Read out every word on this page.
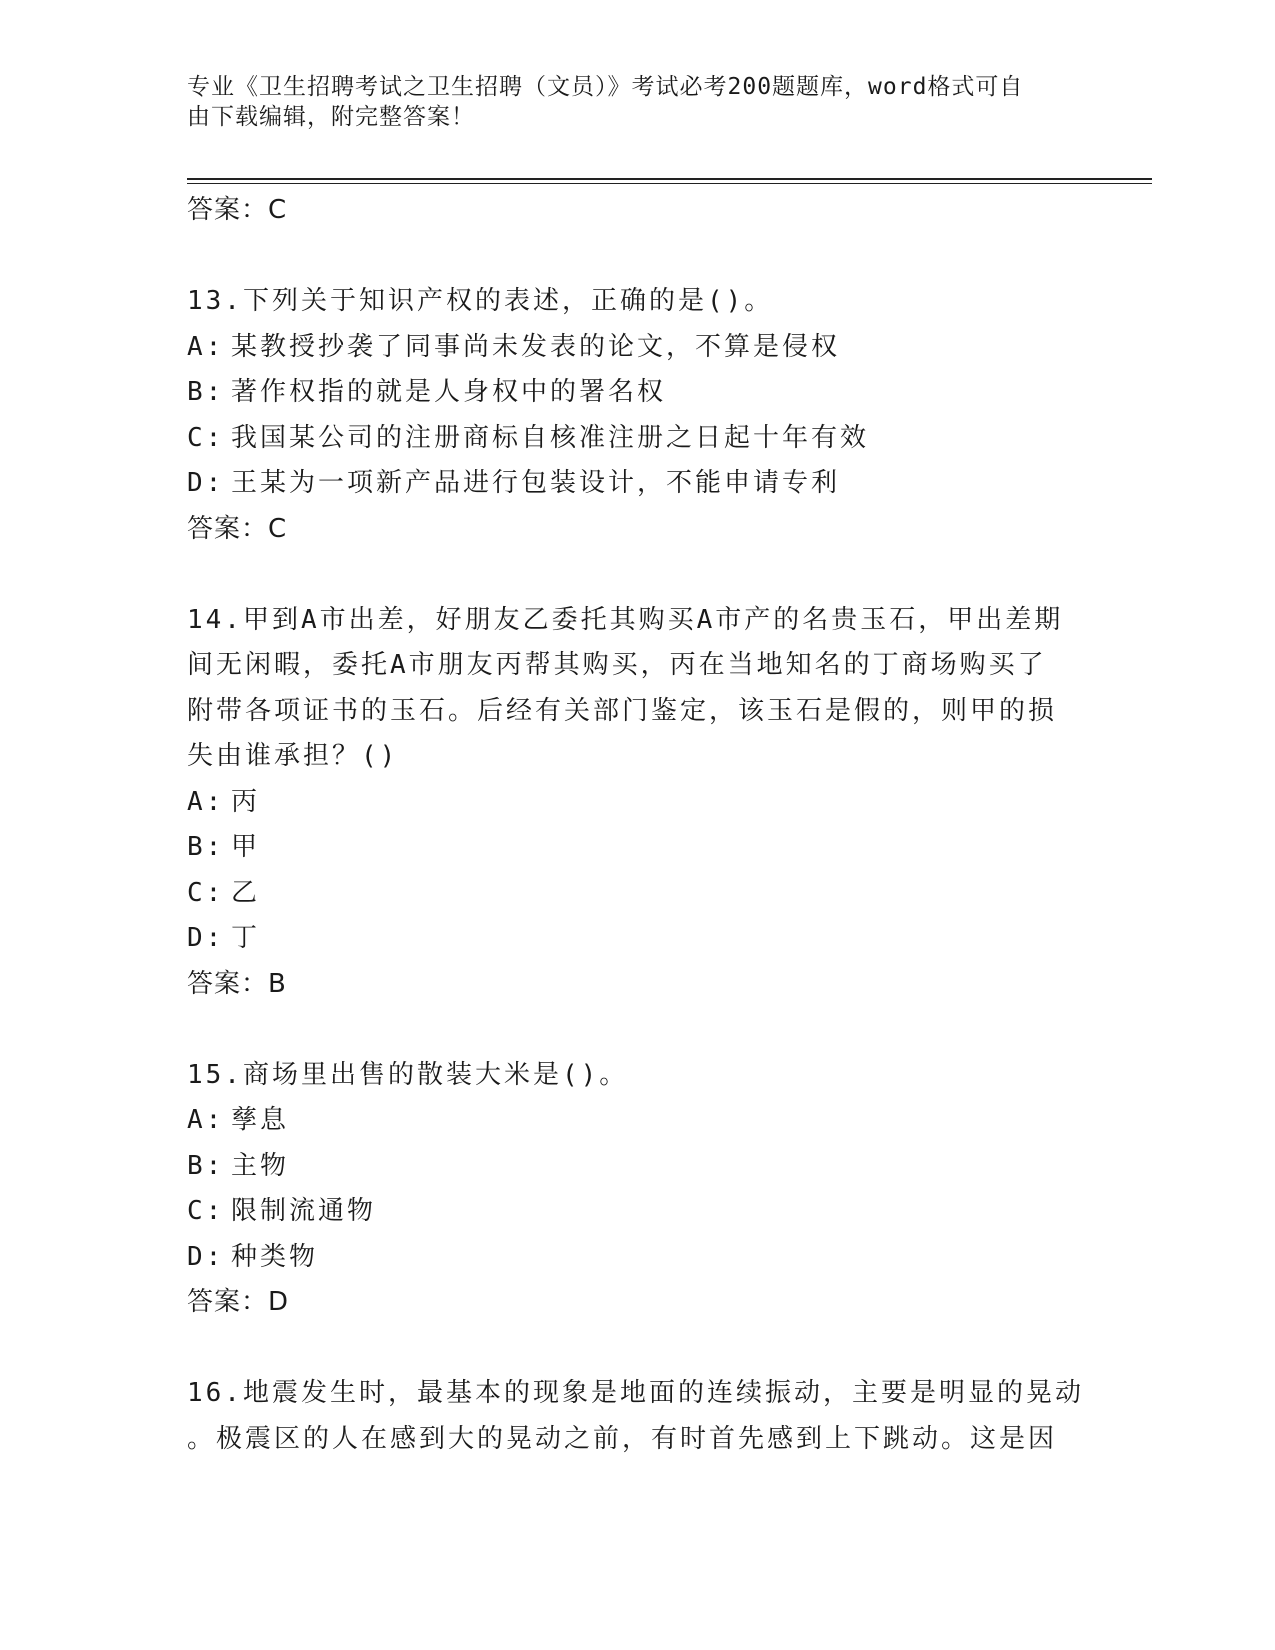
专业《卫生招聘考试之卫生招聘（文员）》考试必考200题题库，word格式可自
由下载编辑，附完整答案！
答案：C
13.下列关于知识产权的表述，正确的是()。
A: 某教授抄袭了同事尚未发表的论文，不算是侵权
B: 著作权指的就是人身权中的署名权
C: 我国某公司的注册商标自核准注册之日起十年有效
D: 王某为一项新产品进行包装设计，不能申请专利
答案：C
14.甲到A市出差，好朋友乙委托其购买A市产的名贵玉石，甲出差期
间无闲暇，委托A市朋友丙帮其购买，丙在当地知名的丁商场购买了
附带各项证书的玉石。后经有关部门鉴定，该玉石是假的，则甲的损
失由谁承担？()
A: 丙
B: 甲
C: 乙
D: 丁
答案：B
15.商场里出售的散装大米是()。
A: 孳息
B: 主物
C: 限制流通物
D: 种类物
答案：D
16.地震发生时，最基本的现象是地面的连续振动，主要是明显的晃动
。极震区的人在感到大的晃动之前，有时首先感到上下跳动。这是因
